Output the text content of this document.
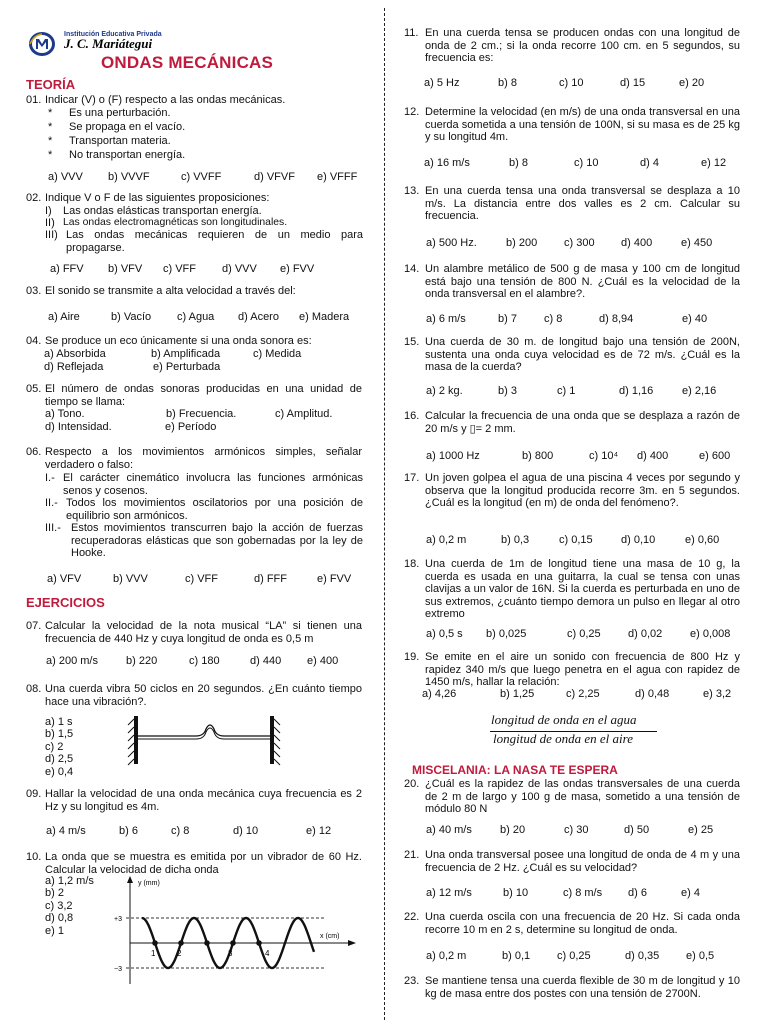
Institución Educativa Privada
J. C. Mariátegui
ONDAS MECÁNICAS
TEORÍA
01. Indicar (V) o (F) respecto a las ondas mecánicas.
* Es una perturbación.
* Se propaga en el vacío.
* Transportan materia.
* No transportan energía.
a) VVV b) VVVF	c) VVFF	d) VFVF e) VFFF
02. Indique V o F de las siguientes proposiciones:
I) Las ondas elásticas transportan energía.
II) Las ondas electromagnéticas son longitudinales.
III) Las ondas mecánicas requieren de un medio para propagarse.
a) FFV b) VFV c) VFF d) VVV e) FVV
03. El sonido se transmite a alta velocidad a través del:
a) Aire	b) Vacío c) Agua d) Acero e) Madera
04. Se produce un eco únicamente si una onda sonora es:
a) Absorbida	b) Amplificada	c) Medida
d) Reflejada	e) Perturbada
05. El número de ondas sonoras producidas en una unidad de tiempo se llama:
a) Tono.	b) Frecuencia.	c) Amplitud.
d) Intensidad.	e) Período
06. Respecto a los movimientos armónicos simples, señalar verdadero o falso:
I.- El carácter cinemático involucra las funciones armónicas senos y cosenos.
II.- Todos los movimientos oscilatorios por una posición de equilibrio son armónicos.
III.- Estos movimientos transcurren bajo la acción de fuerzas recuperadoras elásticas que son gobernadas por la ley de Hooke.
a) VFV	b) VVV	c) VFF	d) FFF	e) FVV
EJERCICIOS
07. Calcular la velocidad de la nota musical “LA” si tienen una frecuencia de 440 Hz y cuya longitud de onda es 0,5 m
a) 200 m/s	b) 220	c) 180	d) 440 e) 400
08. Una cuerda vibra 50 ciclos en 20 segundos. ¿En cuánto tiempo hace una vibración?.
a) 1 s
b) 1,5
c) 2
d) 2,5
e) 0,4
09. Hallar la velocidad de una onda mecánica cuya frecuencia es 2 Hz y su longitud es 4m.
a) 4 m/s	b) 6	c) 8	d) 10	e) 12
10. La onda que se muestra es emitida por un vibrador de 60 Hz. Calcular la velocidad de dicha onda
a) 1,2 m/s
b) 2
c) 3,2
d) 0,8
e) 1
y (mm)
x (cm)
+3
−3
1	2	3	4
11. En una cuerda tensa se producen ondas con una longitud de onda de 2 cm.; si la onda recorre 100 cm. en 5 segundos, su frecuencia es:
a) 5 Hz	b) 8	c) 10	d) 15	e) 20
12. Determine la velocidad (en m/s) de una onda transversal en una cuerda sometida a una tensión de 100N, si su masa es de 25 kg y su longitud 4m.
a) 16 m/s	b) 8	c) 10	d) 4	e) 12
13. En una cuerda tensa una onda transversal se desplaza a 10 m/s. La distancia entre dos valles es 2 cm. Calcular su frecuencia.
a) 500 Hz.	b) 200 c) 300 d) 400	e) 450
14. Un alambre metálico de 500 g de masa y 100 cm de longitud está bajo una tensión de 800 N. ¿Cuál es la velocidad de la onda transversal en el alambre?.
a) 6 m/s	b) 7 c) 8	d) 8,94	e) 40
15. Una cuerda de 30 m. de longitud bajo una tensión de 200N, sustenta una onda cuya velocidad es de 72 m/s. ¿Cuál es la masa de la cuerda?
a) 2 kg.	b) 3	c) 1	d) 1,16	e) 2,16
16. Calcular la frecuencia de una onda que se desplaza a razón de 20 m/s y ▯= 2 mm.
a) 1000 Hz	b) 800	c) 10⁴ d) 400	e) 600
17. Un joven golpea el agua de una piscina 4 veces por segundo y observa que la longitud producida recorre 3m. en 5 segundos. ¿Cuál es la longitud (en m) de onda del fenómeno?.
a) 0,2 m	b) 0,3	c) 0,15	d) 0,10	e) 0,60
18. Una cuerda de 1m de longitud tiene una masa de 10 g, la cuerda es usada en una guitarra, la cual se tensa con unas clavijas a un valor de 16N. Si la cuerda es perturbada en uno de sus extremos, ¿cuánto tiempo demora un pulso en llegar al otro extremo
a) 0,5 s b) 0,025	c) 0,25 d) 0,02	e) 0,008
19. Se emite en el aire un sonido con frecuencia de 800 Hz y rapidez 340 m/s que luego penetra en el agua con rapidez de 1450 m/s, hallar la relación:
a) 4,26	b) 1,25	c) 2,25	d) 0,48	e) 3,2
MISCELANIA: LA NASA TE ESPERA
20. ¿Cuál es la rapidez de las ondas transversales de una cuerda de 2 m de largo y 100 g de masa, sometido a una tensión de módulo 80 N
a) 40 m/s	b) 20	c) 30	d) 50	e) 25
21. Una onda transversal posee una longitud de onda de 4 m y una frecuencia de 2 Hz. ¿Cuál es su velocidad?
a) 12 m/s	b) 10	c) 8 m/s d) 6	e) 4
22. Una cuerda oscila con una frecuencia de 20 Hz. Si cada onda recorre 10 m en 2 s, determine su longitud de onda.
a) 0,2 m	b) 0,1 c) 0,25	d) 0,35 e) 0,5
23. Se mantiene tensa una cuerda flexible de 30 m de longitud y 10 kg de masa entre dos postes con una tensión de 2700N.
longitud de onda en el agua
longitud de onda en el aire
